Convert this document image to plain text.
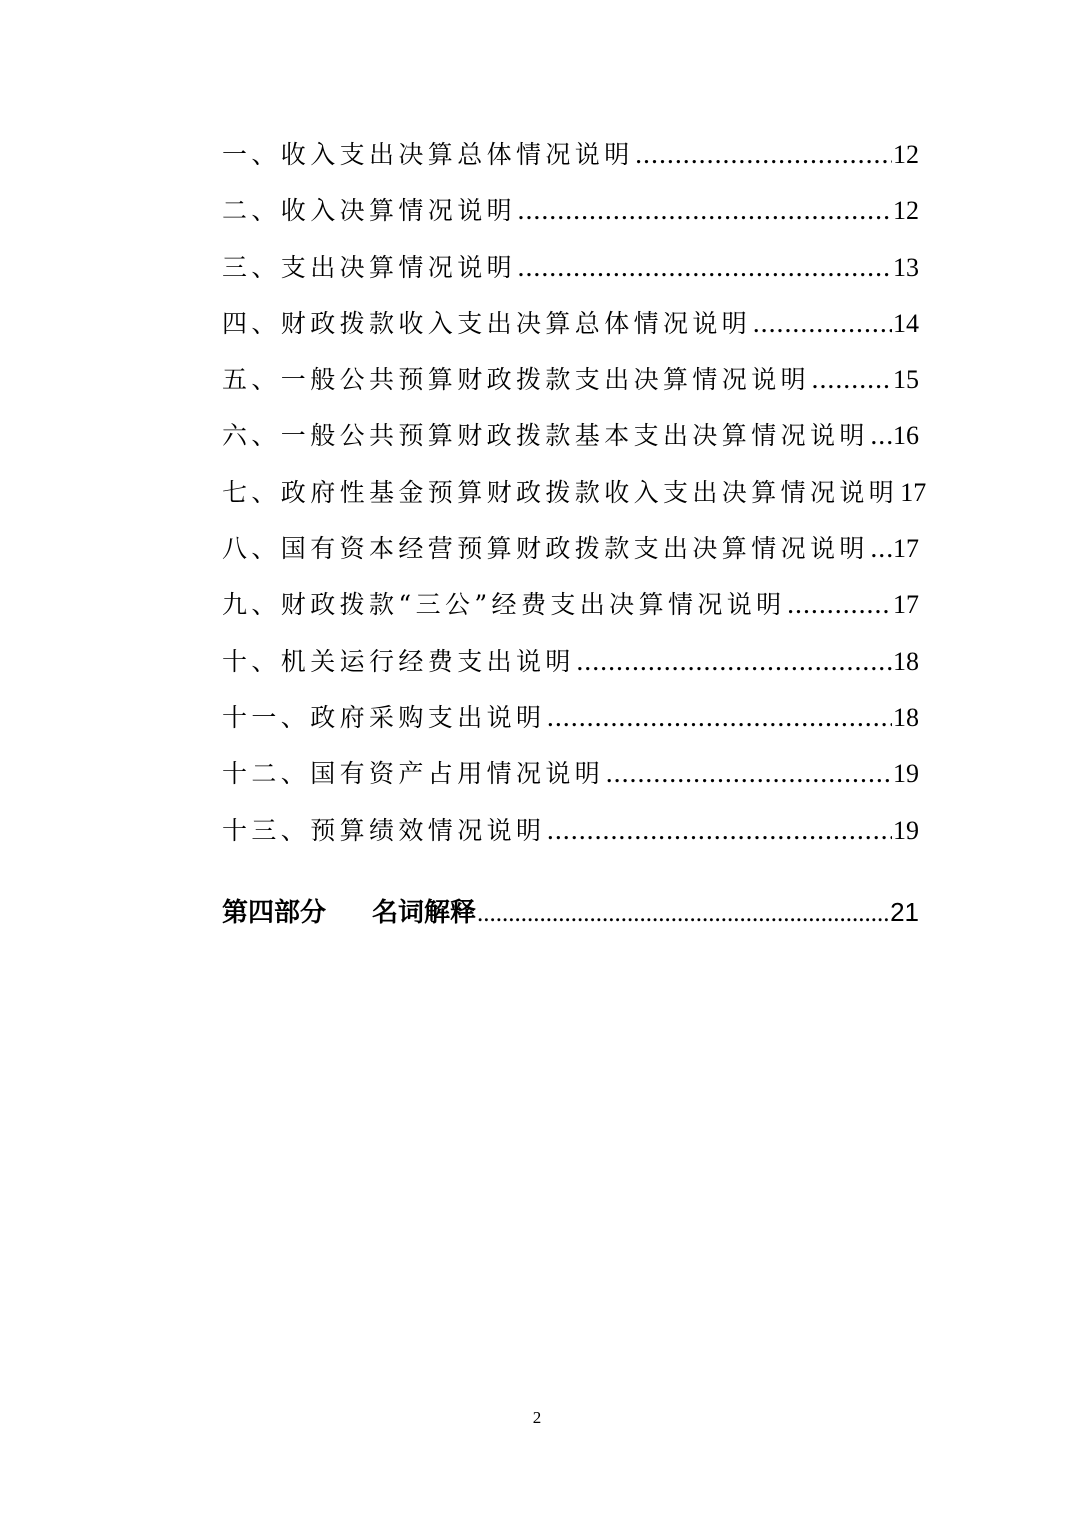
一、收入支出决算总体情况说明 .....	12
二、收入决算情况说明 .....	12
三、支出决算情况说明 .....	13
四、财政拨款收入支出决算总体情况说明 .....	14
五、一般公共预算财政拨款支出决算情况说明 .....	15
六、一般公共预算财政拨款基本支出决算情况说明 ..... 16
七、政府性基金预算财政拨款收入支出决算情况说明 17
八、国有资本经营预算财政拨款支出决算情况说明 ..... 17
九、财政拨款“三公”经费支出决算情况说明 .....	17
十、机关运行经费支出说明 .....	18
十一、政府采购支出说明 .....	18
十二、国有资产占用情况说明 .....	19
十三、预算绩效情况说明 .....	19
第四部分 名词解释 .....	21
2
